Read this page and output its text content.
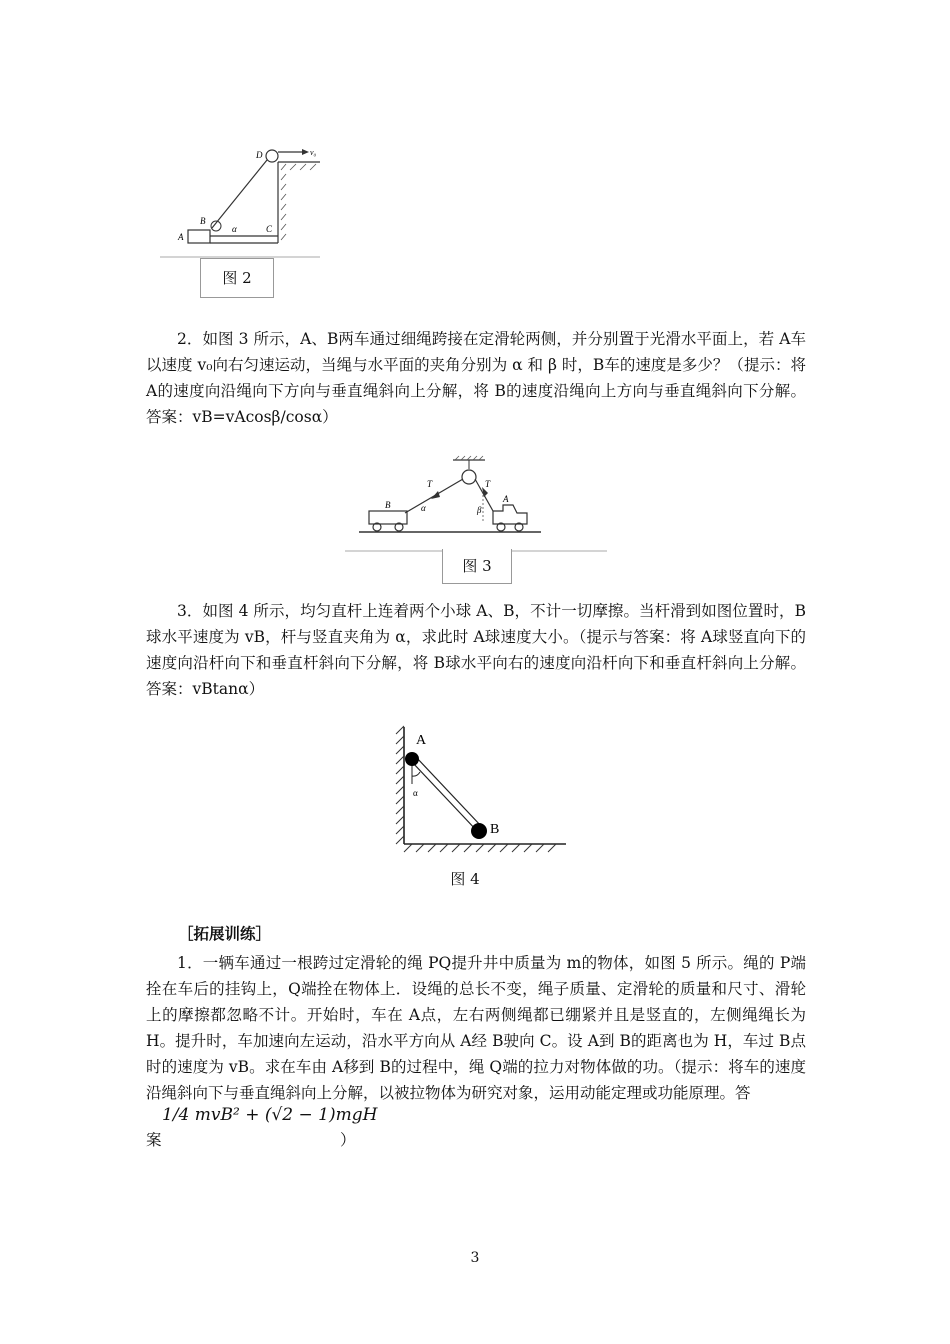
A
B
α	C
D	v₀
图 2
2．如图 3 所示，A、B两车通过细绳跨接在定滑轮两侧，并分别置于光滑水平面上，若 A车以速度 v₀向右匀速运动，当绳与水平面的夹角分别为 α 和 β 时，B车的速度是多少？（提示：将 A的速度向沿绳向下方向与垂直绳斜向上分解，将 B的速度沿绳向上方向与垂直绳斜向下分解。答案：vB=vAcosβ/cosα）
B
T
α
T
β
A
图 3
3．如图 4 所示，均匀直杆上连着两个小球 A、B，不计一切摩擦。当杆滑到如图位置时，B球水平速度为 vB，杆与竖直夹角为 α，求此时 A球速度大小。（提示与答案：将 A球竖直向下的速度向沿杆向下和垂直杆斜向下分解，将 B球水平向右的速度向沿杆向下和垂直杆斜向上分解。答案：vBtanα）
A
B
α
图 4
［拓展训练］
1．一辆车通过一根跨过定滑轮的绳 PQ提升井中质量为 m的物体，如图 5 所示。绳的 P端拴在车后的挂钩上，Q端拴在物体上．设绳的总长不变，绳子质量、定滑轮的质量和尺寸、滑轮上的摩擦都忽略不计。开始时，车在 A点，左右两侧绳都已绷紧并且是竖直的，左侧绳绳长为 H。提升时，车加速向左运动，沿水平方向从 A经 B驶向 C。设 A到 B的距离也为 H，车过 B点时的速度为 vB。求在车由 A移到 B的过程中，绳 Q端的拉力对物体做的功。（提示：将车的速度沿绳斜向下与垂直绳斜向上分解，以被拉物体为研究对象，运用动能定理或功能原理。答
案
1/4 mvB² + (√2 − 1)mgH
）
3
